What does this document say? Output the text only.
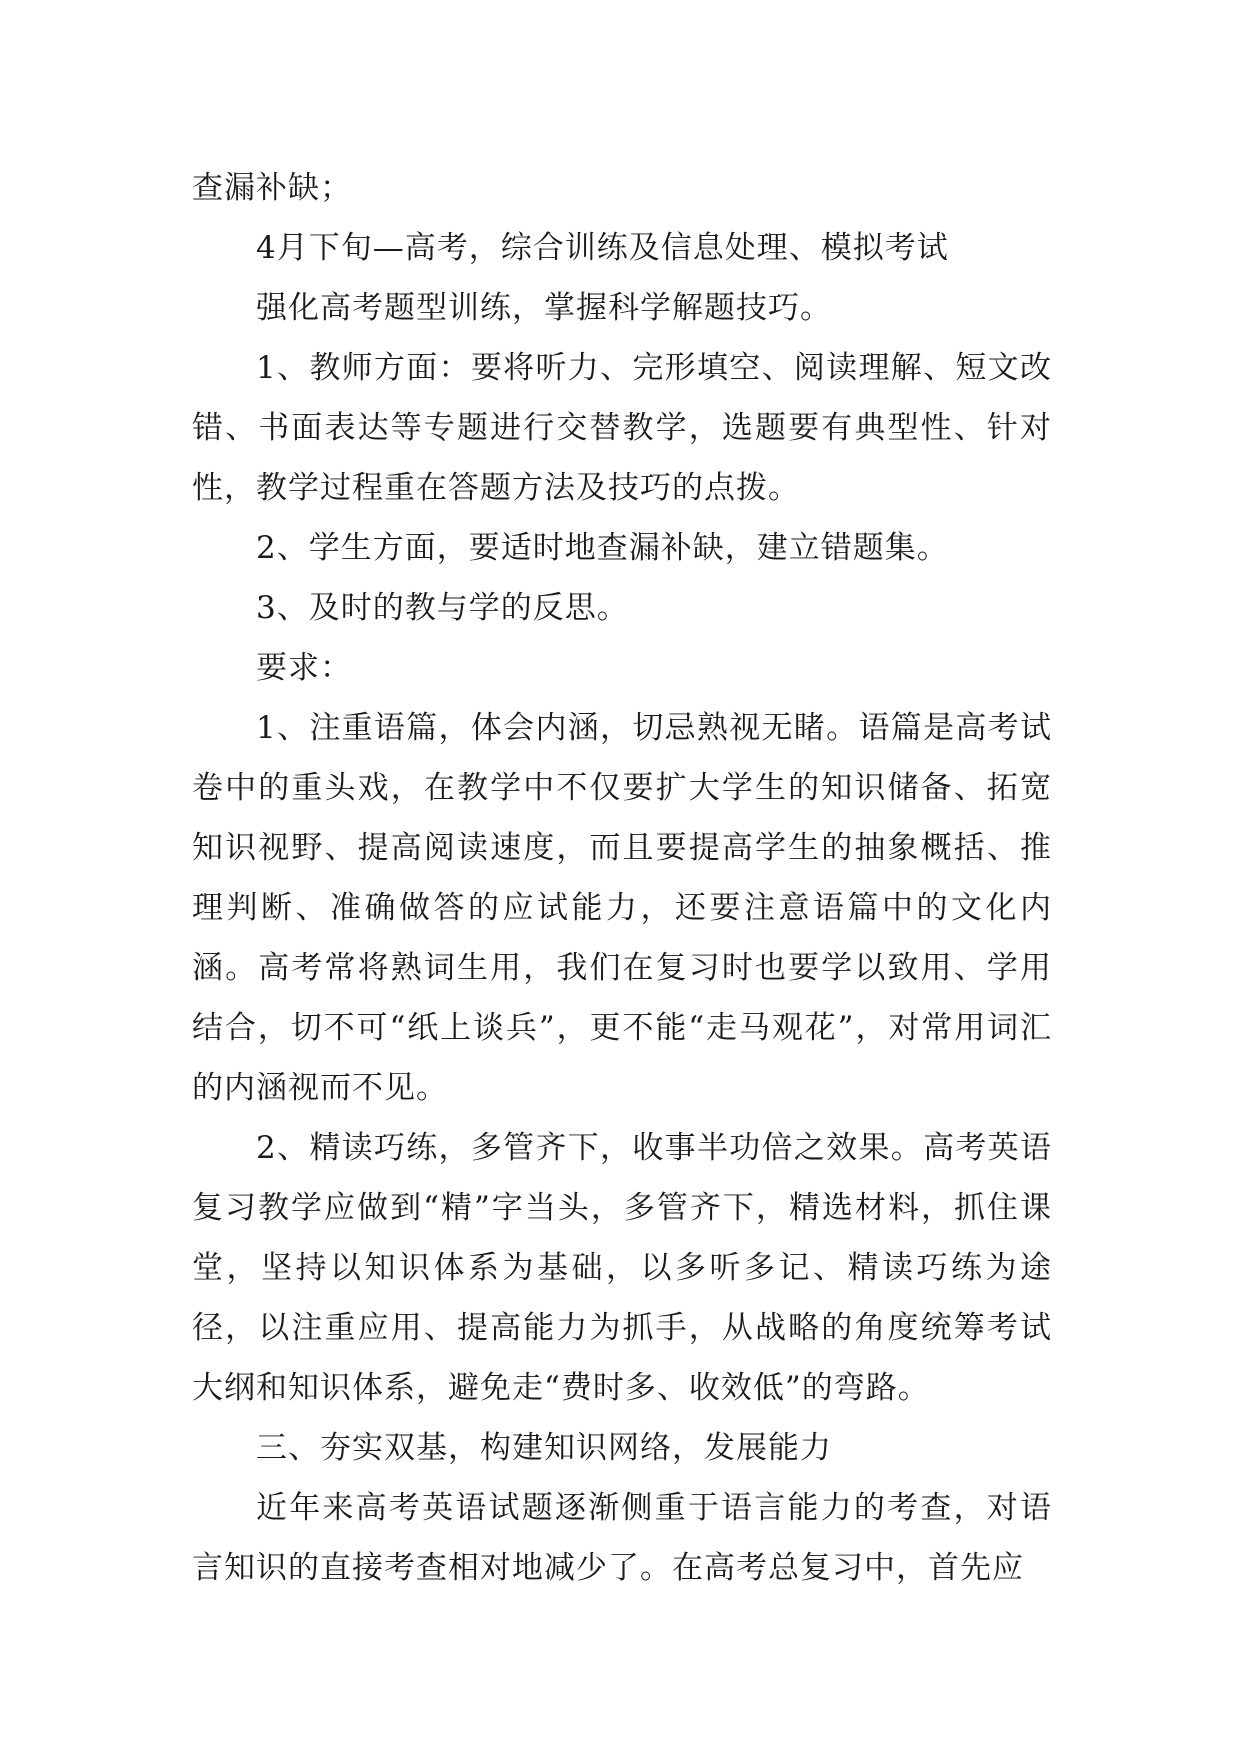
查漏补缺；

4月下旬—高考，综合训练及信息处理、模拟考试

强化高考题型训练，掌握科学解题技巧。

1、教师方面：要将听力、完形填空、阅读理解、短文改错、书面表达等专题进行交替教学，选题要有典型性、针对性，教学过程重在答题方法及技巧的点拨。

2、学生方面，要适时地查漏补缺，建立错题集。

3、及时的教与学的反思。

要求：

1、注重语篇，体会内涵，切忌熟视无睹。语篇是高考试卷中的重头戏，在教学中不仅要扩大学生的知识储备、拓宽知识视野、提高阅读速度，而且要提高学生的抽象概括、推理判断、准确做答的应试能力，还要注意语篇中的文化内涵。高考常将熟词生用，我们在复习时也要学以致用、学用结合，切不可“纸上谈兵”，更不能“走马观花”，对常用词汇的内涵视而不见。

2、精读巧练，多管齐下，收事半功倍之效果。高考英语复习教学应做到“精”字当头，多管齐下，精选材料，抓住课堂，坚持以知识体系为基础，以多听多记、精读巧练为途径，以注重应用、提高能力为抓手，从战略的角度统筹考试大纲和知识体系，避免走“费时多、收效低”的弯路。

三、夯实双基，构建知识网络，发展能力

近年来高考英语试题逐渐侧重于语言能力的考查，对语言知识的直接考查相对地减少了。在高考总复习中，首先应
